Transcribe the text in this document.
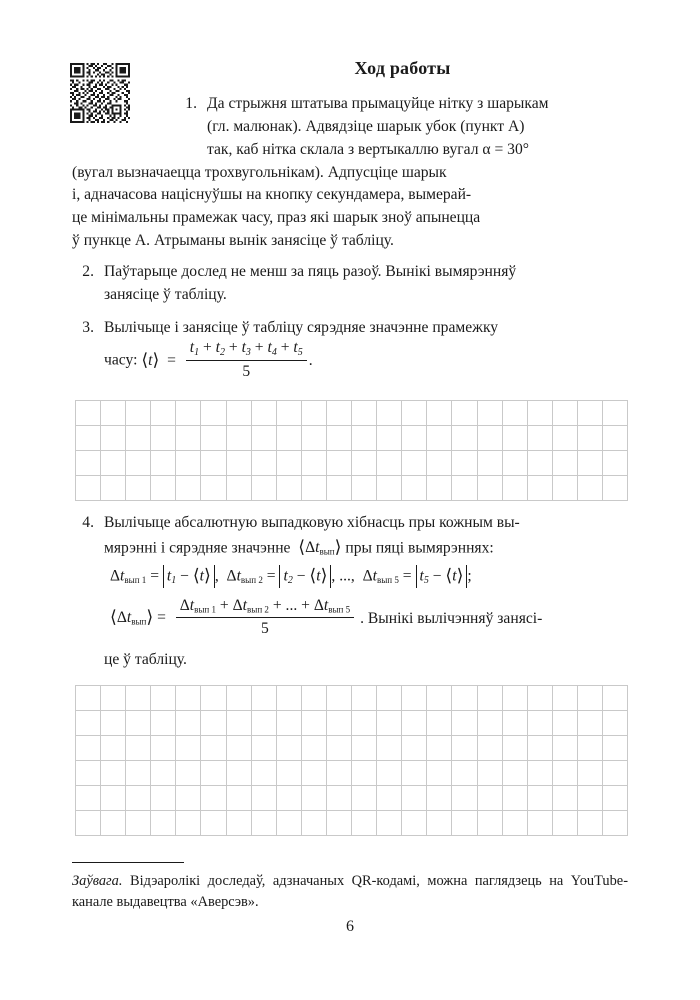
Ход работы
1. Да стрыжня штатыва прымацуйце нітку з шарыкам
(гл. малюнак). Адвядзіце шарык убок (пункт A)
так, каб нітка склала з вертыкаллю вугал α = 30°
(вугал вызначаецца трохвугольнікам). Адпусціце шарык
і, адначасова націснуўшы на кнопку секундамера, вымерай-
це мінімальны прамежак часу, праз які шарык зноў апынецца
ў пункце A. Атрыманы вынік занясіце ў табліцу.
2. Паўтарыце дослед не менш за пяць разоў. Вынікі вымярэнняў
занясіце ў табліцу.
3. Вылічыце і занясіце ў табліцу сярэдняе значэнне прамежку
часу: ⟨t⟩  = $\frac{t_1 + t_2 + t_3 + t_4 + t_5}{5}$ .
4. Вылічыце абсалютную выпадковую хібнасць пры кожным вы-
мярэнні і сярэдняе значэнне  ⟨Δtвып⟩ пры пяці вымярэннях:
Δtвып $1 = t_1$ − ⟨t⟩ ,  Δtвып $2 = t_2$ − ⟨t⟩ , ...,  Δtвып $5 = t_5$ − ⟨t⟩ ;
⟨Δtвып⟩ = $\frac{\text{Δtвып 1 + Δtвып 2 + ... + Δtвып 5}}{5}$ . Вынікі вылічэнняў занясі-
це ў табліцу.
Заўвага. Відэаролікі доследаў, адзначаных QR-кодамі, можна паглядзець на YouTube-канале выдавецтва «Аверсэв».
6
